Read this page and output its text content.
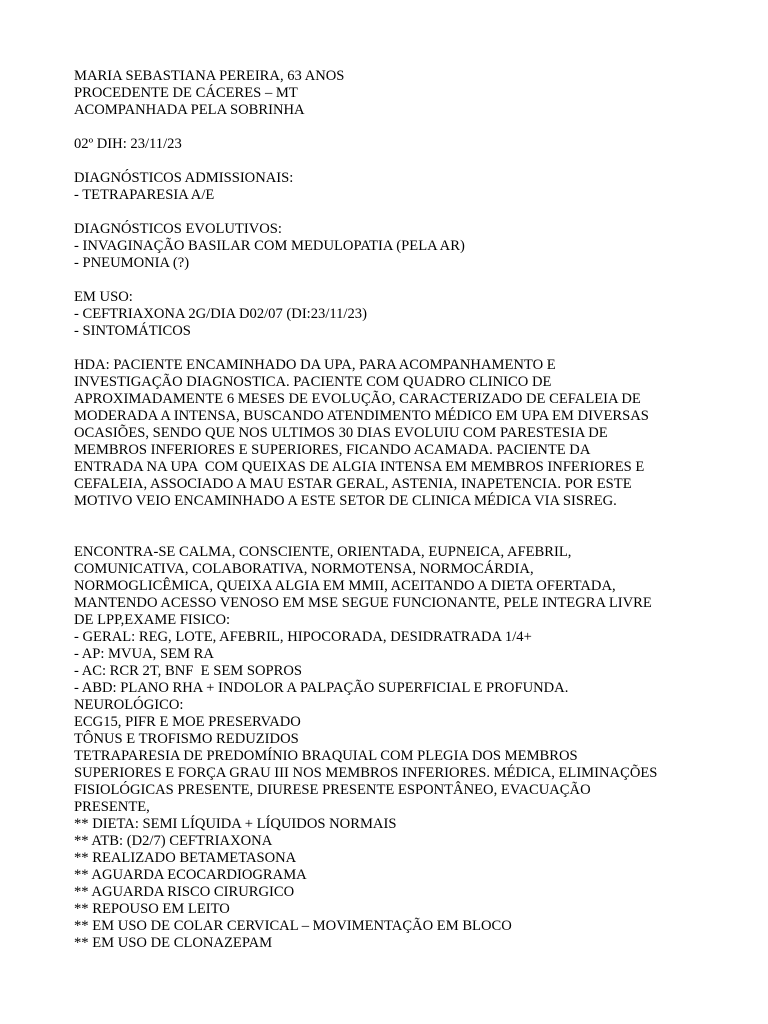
MARIA SEBASTIANA PEREIRA, 63 ANOS
PROCEDENTE DE CÁCERES – MT
ACOMPANHADA PELA SOBRINHA
02º DIH: 23/11/23
DIAGNÓSTICOS ADMISSIONAIS:
- TETRAPARESIA A/E
DIAGNÓSTICOS EVOLUTIVOS:
- INVAGINAÇÃO BASILAR COM MEDULOPATIA (PELA AR)
- PNEUMONIA (?)
EM USO:
- CEFTRIAXONA 2G/DIA D02/07 (DI:23/11/23)
- SINTOMÁTICOS
HDA: PACIENTE ENCAMINHADO DA UPA, PARA ACOMPANHAMENTO E
INVESTIGAÇÃO DIAGNOSTICA. PACIENTE COM QUADRO CLINICO DE
APROXIMADAMENTE 6 MESES DE EVOLUÇÃO, CARACTERIZADO DE CEFALEIA DE
MODERADA A INTENSA, BUSCANDO ATENDIMENTO MÉDICO EM UPA EM DIVERSAS
OCASIÕES, SENDO QUE NOS ULTIMOS 30 DIAS EVOLUIU COM PARESTESIA DE
MEMBROS INFERIORES E SUPERIORES, FICANDO ACAMADA. PACIENTE DA
ENTRADA NA UPA  COM QUEIXAS DE ALGIA INTENSA EM MEMBROS INFERIORES E
CEFALEIA, ASSOCIADO A MAU ESTAR GERAL, ASTENIA, INAPETENCIA. POR ESTE
MOTIVO VEIO ENCAMINHADO A ESTE SETOR DE CLINICA MÉDICA VIA SISREG.
ENCONTRA-SE CALMA, CONSCIENTE, ORIENTADA, EUPNEICA, AFEBRIL,
COMUNICATIVA, COLABORATIVA, NORMOTENSA, NORMOCÁRDIA,
NORMOGLICÊMICA, QUEIXA ALGIA EM MMII, ACEITANDO A DIETA OFERTADA,
MANTENDO ACESSO VENOSO EM MSE SEGUE FUNCIONANTE, PELE INTEGRA LIVRE
DE LPP,EXAME FISICO:
- GERAL: REG, LOTE, AFEBRIL, HIPOCORADA, DESIDRATRADA 1/4+
- AP: MVUA, SEM RA
- AC: RCR 2T, BNF  E SEM SOPROS
- ABD: PLANO RHA + INDOLOR A PALPAÇÃO SUPERFICIAL E PROFUNDA.
NEUROLÓGICO:
ECG15, PIFR E MOE PRESERVADO
TÔNUS E TROFISMO REDUZIDOS
TETRAPARESIA DE PREDOMÍNIO BRAQUIAL COM PLEGIA DOS MEMBROS
SUPERIORES E FORÇA GRAU III NOS MEMBROS INFERIORES. MÉDICA, ELIMINAÇÕES
FISIOLÓGICAS PRESENTE, DIURESE PRESENTE ESPONTÂNEO, EVACUAÇÃO
PRESENTE,
** DIETA: SEMI LÍQUIDA + LÍQUIDOS NORMAIS
** ATB: (D2/7) CEFTRIAXONA
** REALIZADO BETAMETASONA
** AGUARDA ECOCARDIOGRAMA
** AGUARDA RISCO CIRURGICO
** REPOUSO EM LEITO
** EM USO DE COLAR CERVICAL – MOVIMENTAÇÃO EM BLOCO
** EM USO DE CLONAZEPAM
